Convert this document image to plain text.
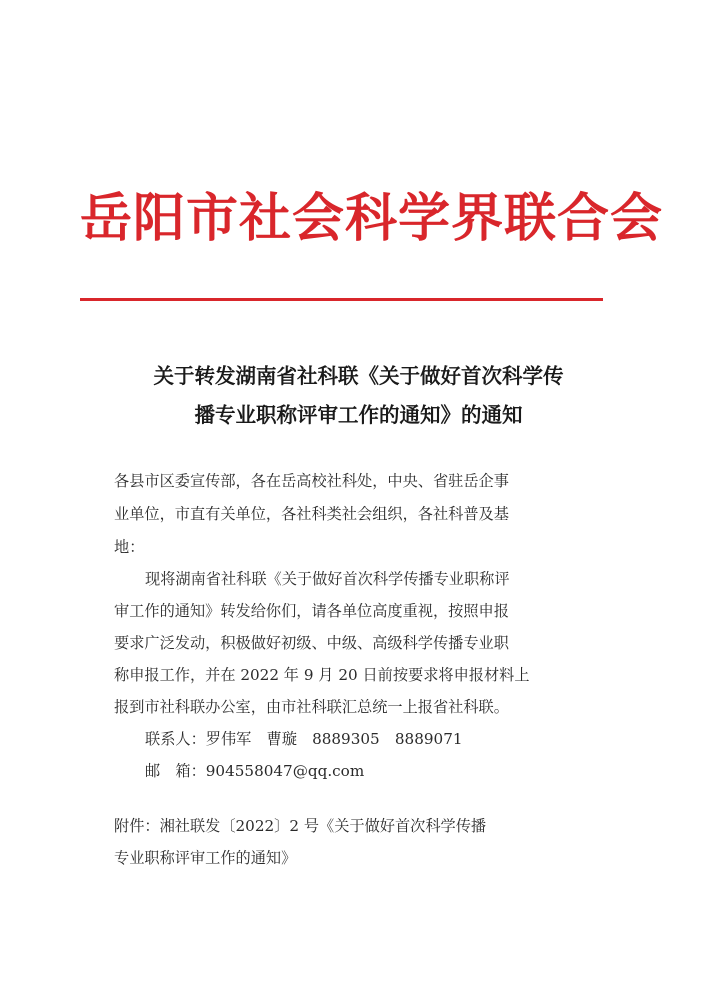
岳阳市社会科学界联合会
关于转发湖南省社科联《关于做好首次科学传
播专业职称评审工作的通知》的通知
各县市区委宣传部，各在岳高校社科处，中央、省驻岳企事
业单位，市直有关单位，各社科类社会组织，各社科普及基
地：
现将湖南省社科联《关于做好首次科学传播专业职称评
审工作的通知》转发给你们，请各单位高度重视，按照申报
要求广泛发动，积极做好初级、中级、高级科学传播专业职
称申报工作，并在 2022 年 9 月 20 日前按要求将申报材料上
报到市社科联办公室，由市社科联汇总统一上报省社科联。
联系人：罗伟军　曹璇　8889305　8889071
邮　箱：904558047@qq.com
附件：湘社联发〔2022〕2 号《关于做好首次科学传播
专业职称评审工作的通知》
